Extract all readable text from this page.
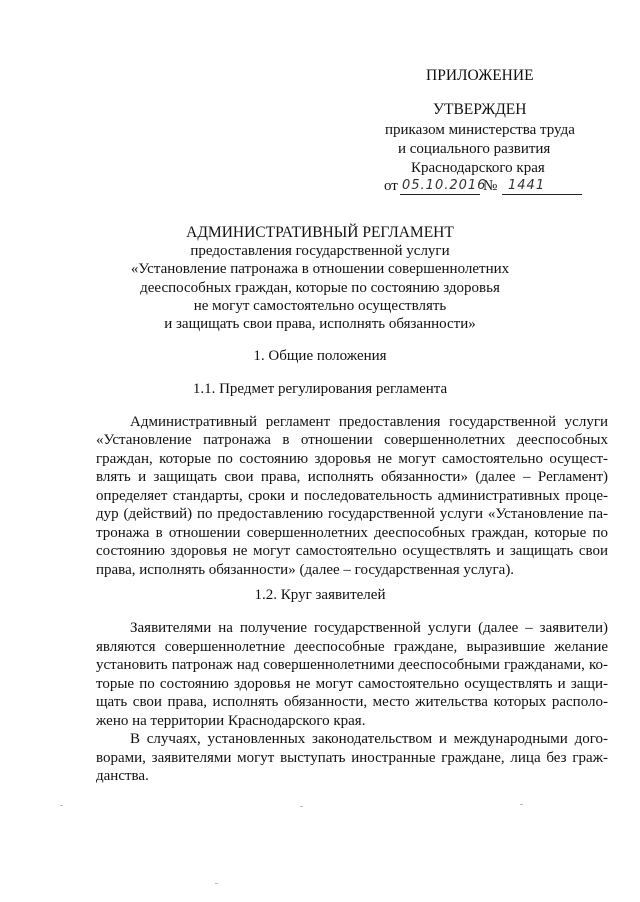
ПРИЛОЖЕНИЕ
УТВЕРЖДЕН
приказом министерства труда
и социального развития
Краснодарского края
от 05.10.2016
№ 1441
АДМИНИСТРАТИВНЫЙ РЕГЛАМЕНТ
предоставления государственной услуги
«Установление патронажа в отношении совершеннолетних
дееспособных граждан, которые по состоянию здоровья
не могут самостоятельно осуществлять
и защищать свои права, исполнять обязанности»
1. Общие положения
1.1. Предмет регулирования регламента
Административный регламент предоставления государственной услуги
«Установление патронажа в отношении совершеннолетних дееспособных
граждан, которые по состоянию здоровья не могут самостоятельно осущест-
влять и защищать свои права, исполнять обязанности» (далее – Регламент)
определяет стандарты, сроки и последовательность административных проце-
дур (действий) по предоставлению государственной услуги «Установление па-
тронажа в отношении совершеннолетних дееспособных граждан, которые по
состоянию здоровья не могут самостоятельно осуществлять и защищать свои
права, исполнять обязанности» (далее – государственная услуга).
1.2. Круг заявителей
Заявителями на получение государственной услуги (далее – заявители)
являются совершеннолетние дееспособные граждане, выразившие желание
установить патронаж над совершеннолетними дееспособными гражданами, ко-
торые по состоянию здоровья не могут самостоятельно осуществлять и защи-
щать свои права, исполнять обязанности, место жительства которых располо-
жено на территории Краснодарского края.
В случаях, установленных законодательством и международными дого-
ворами, заявителями могут выступать иностранные граждане, лица без граж-
данства.
